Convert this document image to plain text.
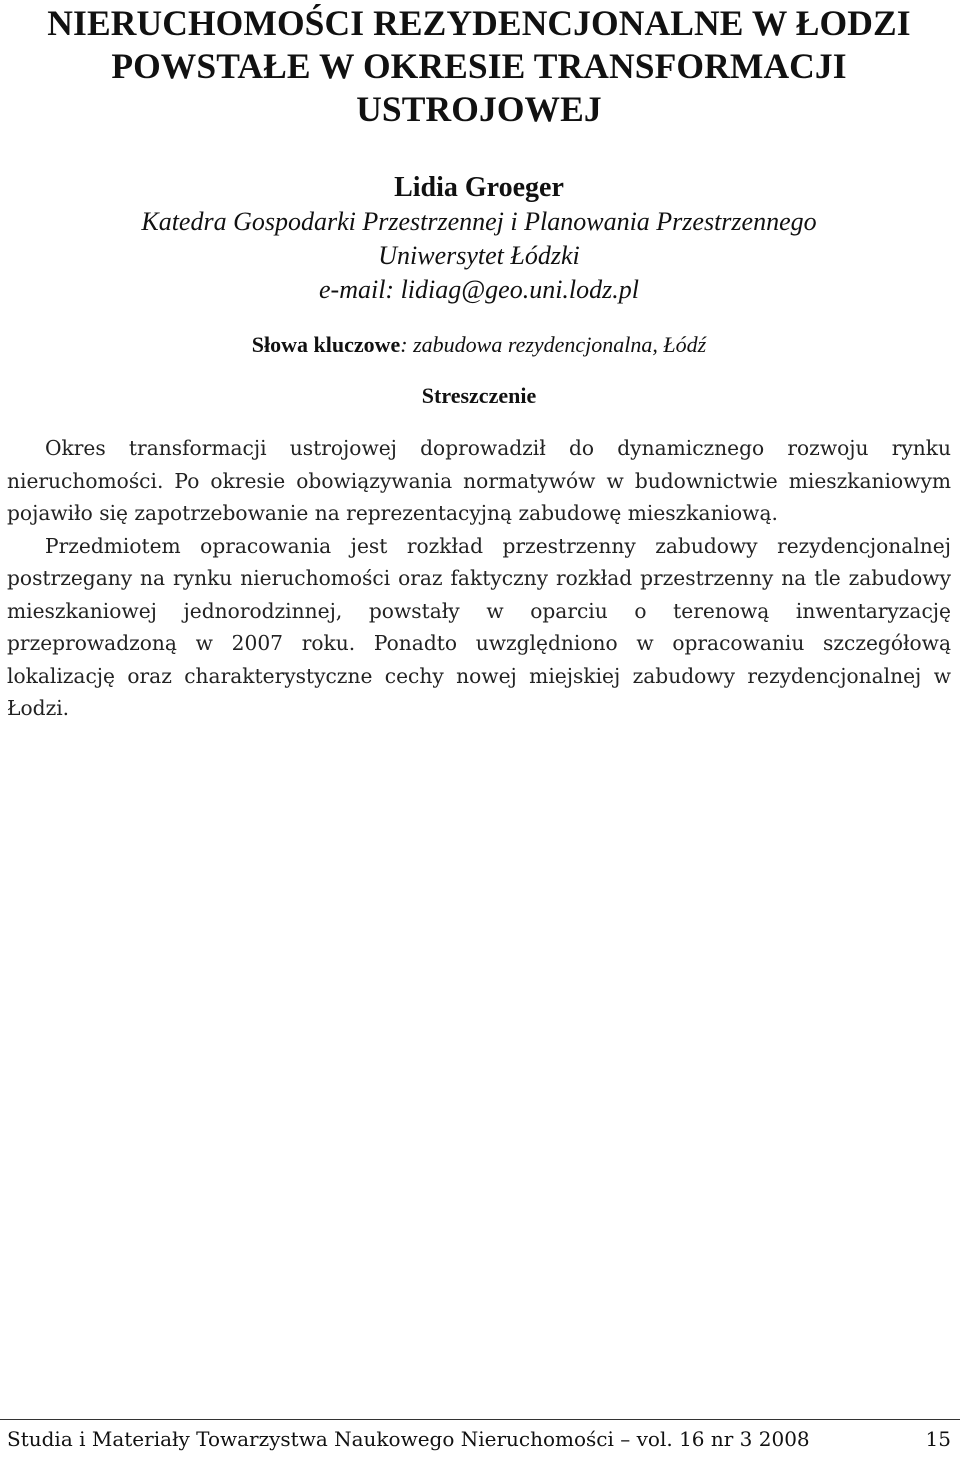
NIERUCHOMOŚCI REZYDENCJONALNE W ŁODZI
POWSTAŁE W OKRESIE TRANSFORMACJI
USTROJOWEJ
Lidia Groeger
Katedra Gospodarki Przestrzennej i Planowania Przestrzennego
Uniwersytet Łódzki
e-mail: lidiag@geo.uni.lodz.pl
Słowa kluczowe: zabudowa rezydencjonalna, Łódź
Streszczenie

Okres transformacji ustrojowej doprowadził do dynamicznego rozwoju rynku nieruchomości. Po okresie obowiązywania normatywów w budownictwie mieszkaniowym pojawiło się zapotrzebowanie na reprezentacyjną zabudowę mieszkaniową.

Przedmiotem opracowania jest rozkład przestrzenny zabudowy rezydencjonalnej postrzegany na rynku nieruchomości oraz faktyczny rozkład przestrzenny na tle zabudowy mieszkaniowej jednorodzinnej, powstały w oparciu o terenową inwentaryzację przeprowadzoną w 2007 roku. Ponadto uwzględniono w opracowaniu szczegółową lokalizację oraz charakterystyczne cechy nowej miejskiej zabudowy rezydencjonalnej w Łodzi.

Studia i Materiały Towarzystwa Naukowego Nieruchomości – vol. 16 nr 3 2008	15
